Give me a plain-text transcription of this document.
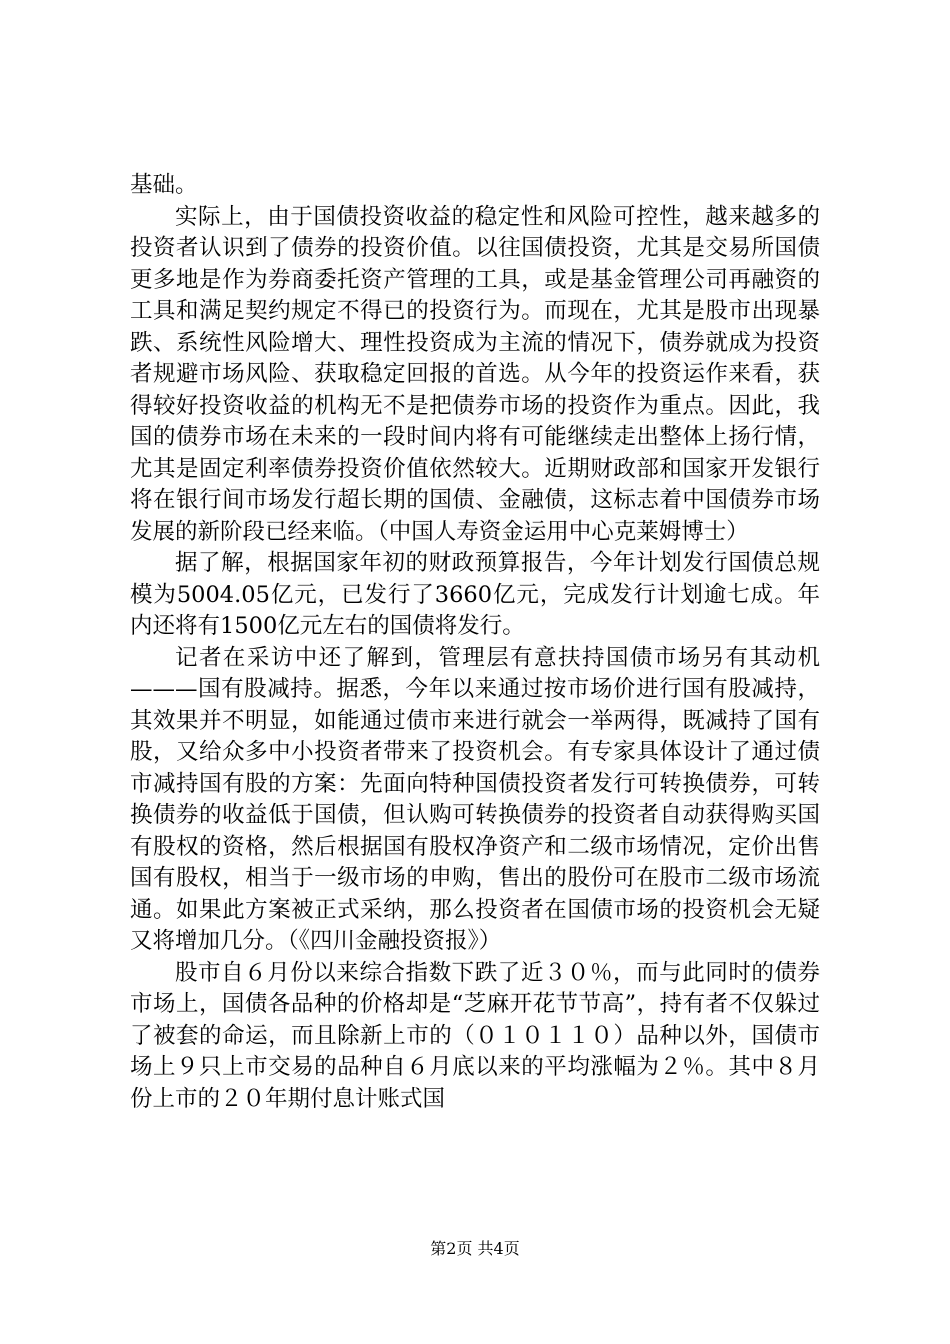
基础。

实际上，由于国债投资收益的稳定性和风险可控性，越来越多的投资者认识到了债券的投资价值。以往国债投资，尤其是交易所国债更多地是作为券商委托资产管理的工具，或是基金管理公司再融资的工具和满足契约规定不得已的投资行为。而现在，尤其是股市出现暴跌、系统性风险增大、理性投资成为主流的情况下，债券就成为投资者规避市场风险、获取稳定回报的首选。从今年的投资运作来看，获得较好投资收益的机构无不是把债券市场的投资作为重点。因此，我国的债券市场在未来的一段时间内将有可能继续走出整体上扬行情，尤其是固定利率债券投资价值依然较大。近期财政部和国家开发银行将在银行间市场发行超长期的国债、金融债，这标志着中国债券市场发展的新阶段已经来临。（中国人寿资金运用中心克莱姆博士）

据了解，根据国家年初的财政预算报告，今年计划发行国债总规模为5004.05亿元，已发行了3660亿元，完成发行计划逾七成。年内还将有1500亿元左右的国债将发行。

记者在采访中还了解到，管理层有意扶持国债市场另有其动机———国有股减持。据悉，今年以来通过按市场价进行国有股减持，其效果并不明显，如能通过债市来进行就会一举两得，既减持了国有股，又给众多中小投资者带来了投资机会。有专家具体设计了通过债市减持国有股的方案：先面向特种国债投资者发行可转换债券，可转换债券的收益低于国债，但认购可转换债券的投资者自动获得购买国有股权的资格，然后根据国有股权净资产和二级市场情况，定价出售国有股权，相当于一级市场的申购，售出的股份可在股市二级市场流通。如果此方案被正式采纳，那么投资者在国债市场的投资机会无疑又将增加几分。（《四川金融投资报》）

股市自６月份以来综合指数下跌了近３０％，而与此同时的债券市场上，国债各品种的价格却是“芝麻开花节节高”，持有者不仅躲过了被套的命运，而且除新上市的（０１０１１０）品种以外，国债市场上９只上市交易的品种自６月底以来的平均涨幅为２％。其中８月份上市的２０年期付息计账式国

第2页 共4页
